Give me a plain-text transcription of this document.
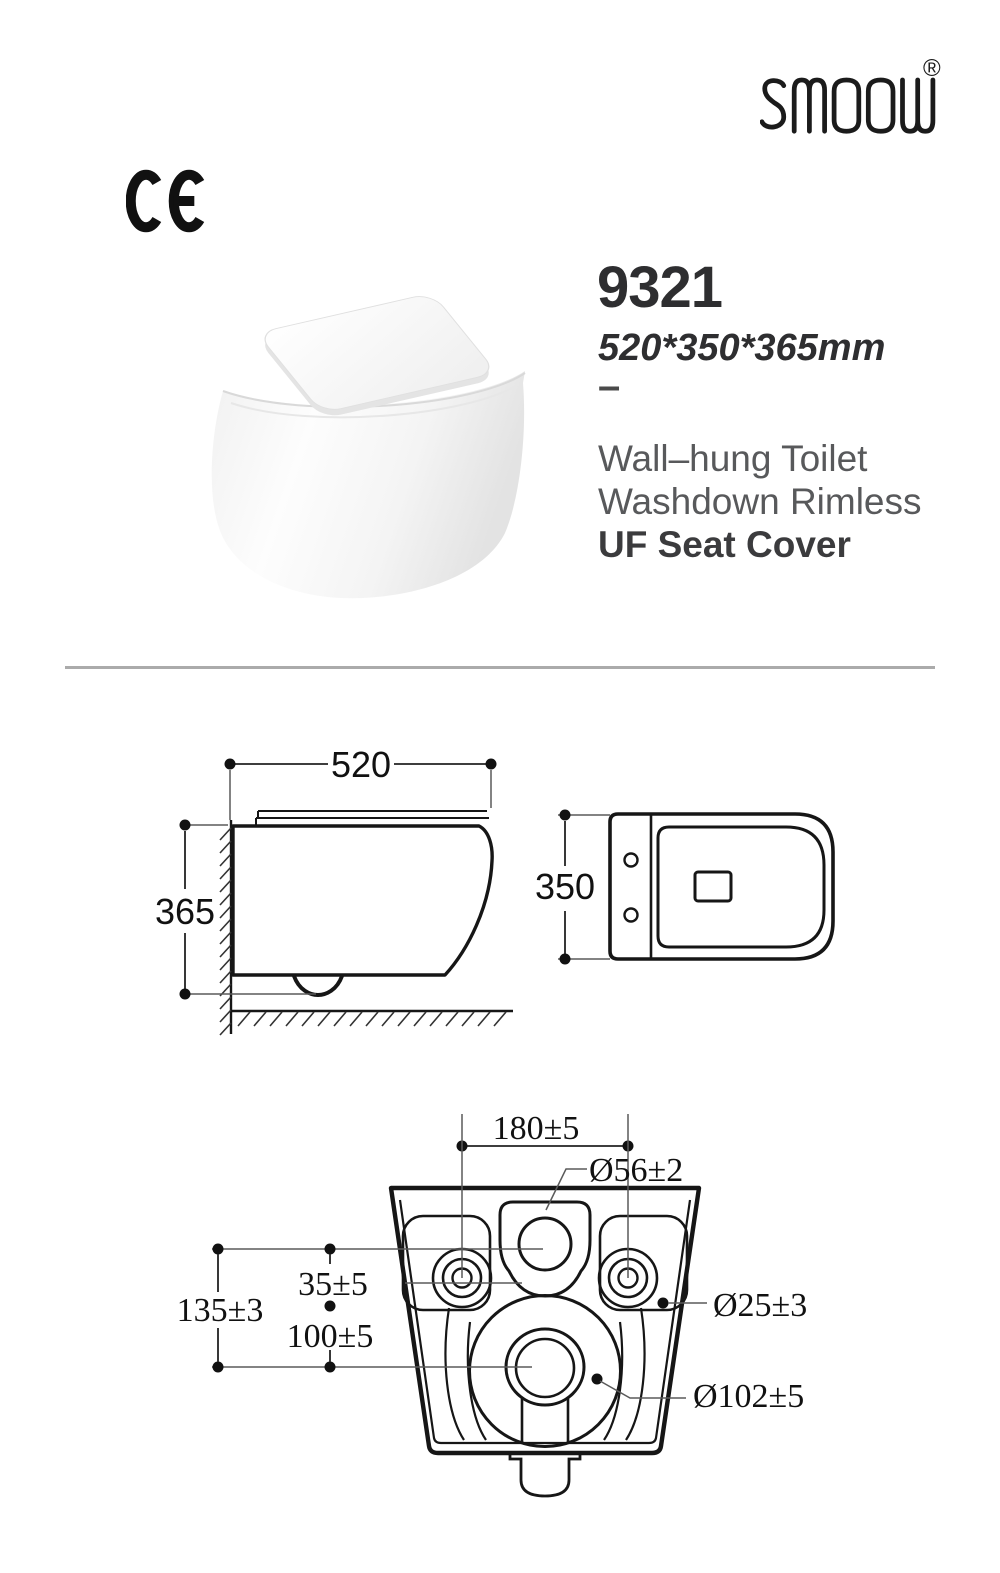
®
9321
520*350*365mm
–
Wall–hung Toilet
Washdown Rimless
UF Seat Cover
520
365
350
180±5
Ø56±2
135±3
35±5
100±5
Ø25±3
Ø102±5
